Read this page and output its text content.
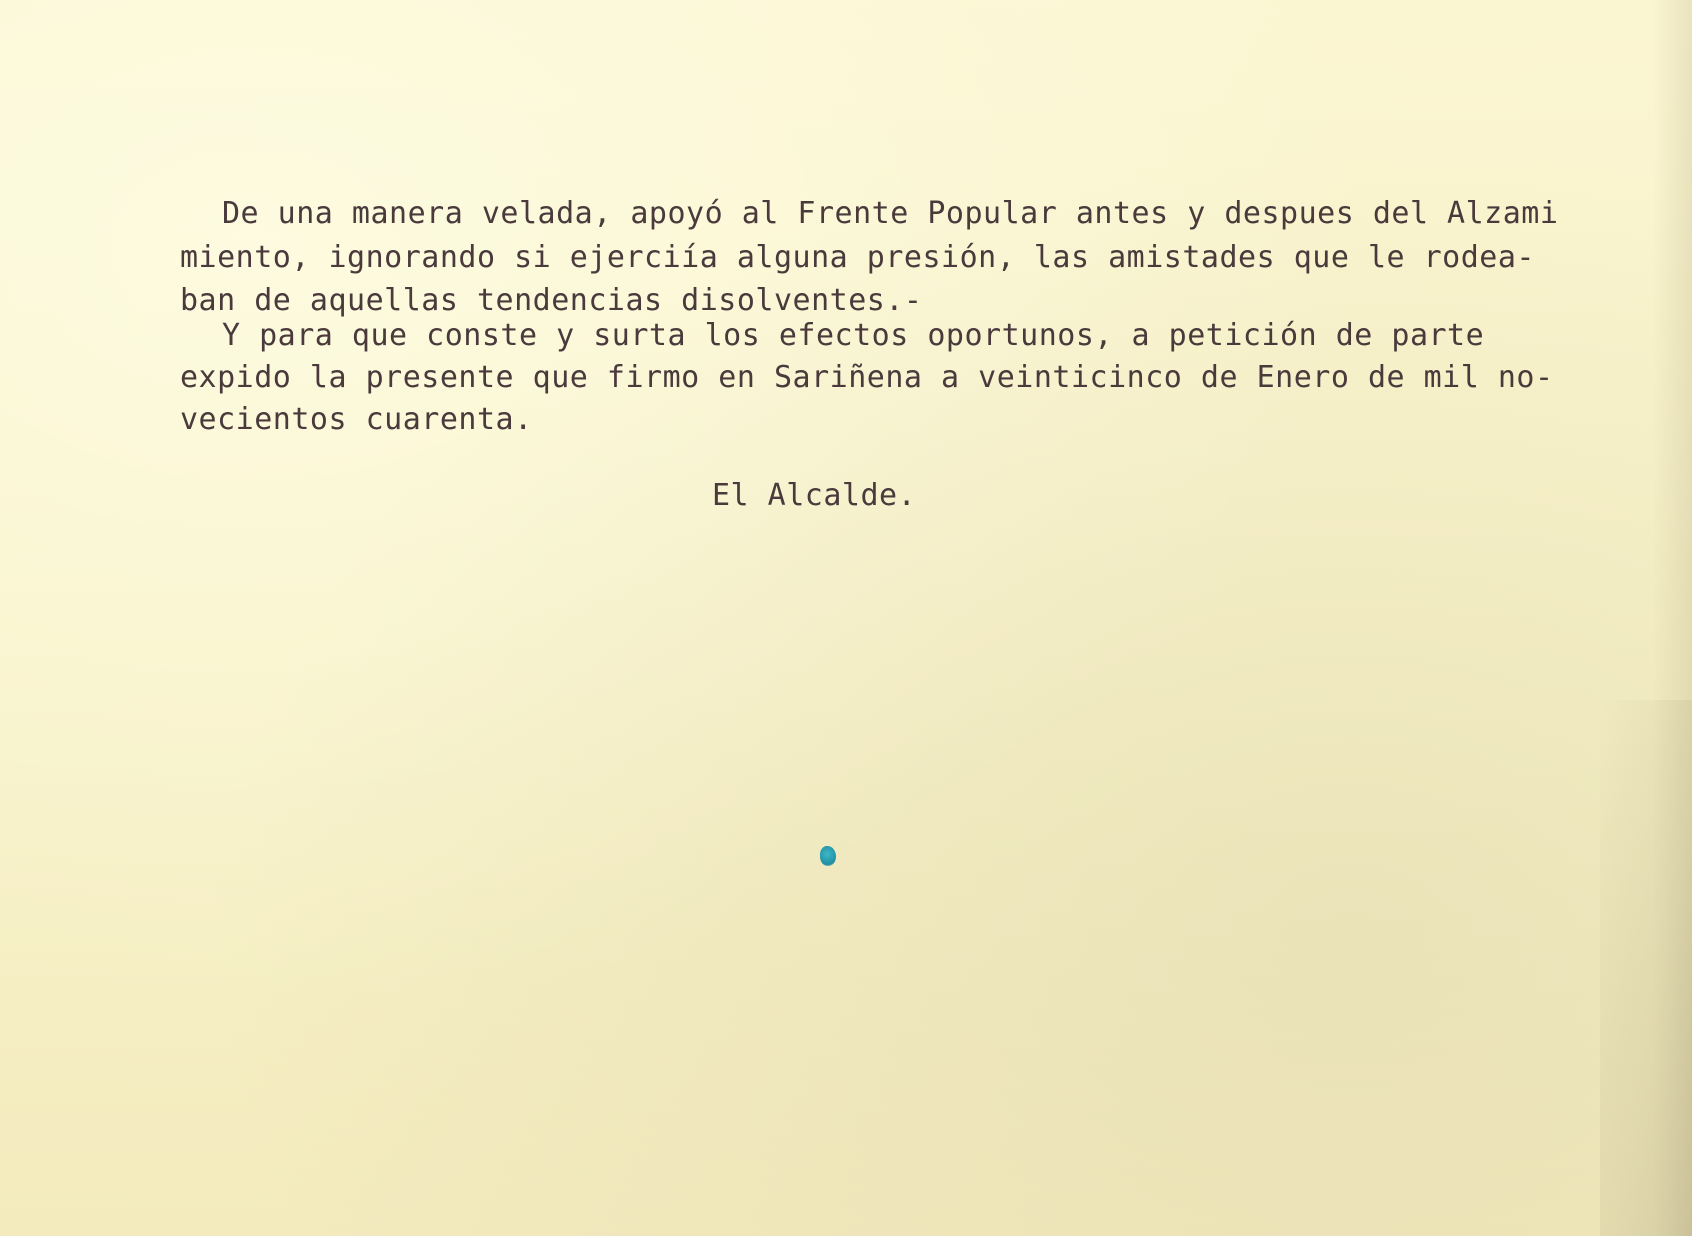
De una manera velada, apoyó al Frente Popular antes y despues del Alzami

miento, ignorando si ejerciía alguna presión, las amistades que le rodea-

ban de aquellas tendencias disolventes.-

Y para que conste y surta los efectos oportunos, a petición de parte

expido la presente que firmo en Sariñena a veinticinco de Enero de mil no-

vecientos cuarenta.

El Alcalde.
